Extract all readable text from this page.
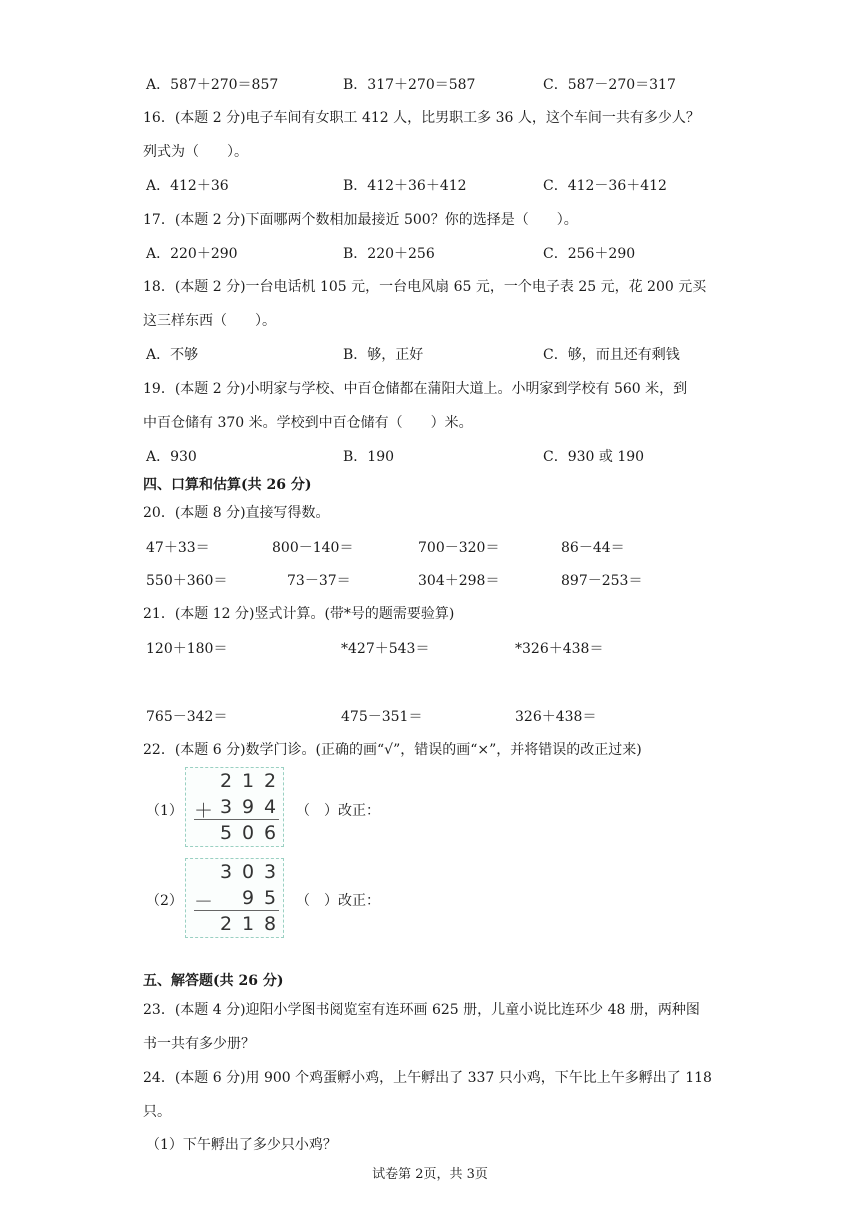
A．587＋270＝857	B．317＋270＝587	C．587－270＝317
16．(本题 2 分)电子车间有女职工 412 人，比男职工多 36 人，这个车间一共有多少人？
列式为（　　）。
A．412＋36	B．412＋36＋412	C．412－36＋412
17．(本题 2 分)下面哪两个数相加最接近 500？你的选择是（　　）。
A．220＋290	B．220＋256	C．256＋290
18．(本题 2 分)一台电话机 105 元，一台电风扇 65 元，一个电子表 25 元，花 200 元买
这三样东西（　　）。
A．不够	B．够，正好	C．够，而且还有剩钱
19．(本题 2 分)小明家与学校、中百仓储都在蒲阳大道上。小明家到学校有 560 米，到
中百仓储有 370 米。学校到中百仓储有（　　）米。
A．930	B．190	C．930 或 190
四、口算和估算(共 26 分)
20．(本题 8 分)直接写得数。
47＋33＝	800－140＝	700－320＝	86－44＝
550＋360＝	73－37＝	304＋298＝	897－253＝
21．(本题 12 分)竖式计算。(带*号的题需要验算)
120＋180＝	*427＋543＝	*326＋438＝
765－342＝	475－351＝	326＋438＝
22．(本题 6 分)数学门诊。(正确的画“√”，错误的画“×”，并将错误的改正过来)
（1）
2 1 2
＋ 3 9 4
5 0 6
（　）改正：
（2）
3 0 3
－ 9 5
2 1 8
（　）改正：
五、解答题(共 26 分)
23．(本题 4 分)迎阳小学图书阅览室有连环画 625 册，儿童小说比连环少 48 册，两种图
书一共有多少册？
24．(本题 6 分)用 900 个鸡蛋孵小鸡，上午孵出了 337 只小鸡，下午比上午多孵出了 118
只。
（1）下午孵出了多少只小鸡？
试卷第 2页，共 3页
